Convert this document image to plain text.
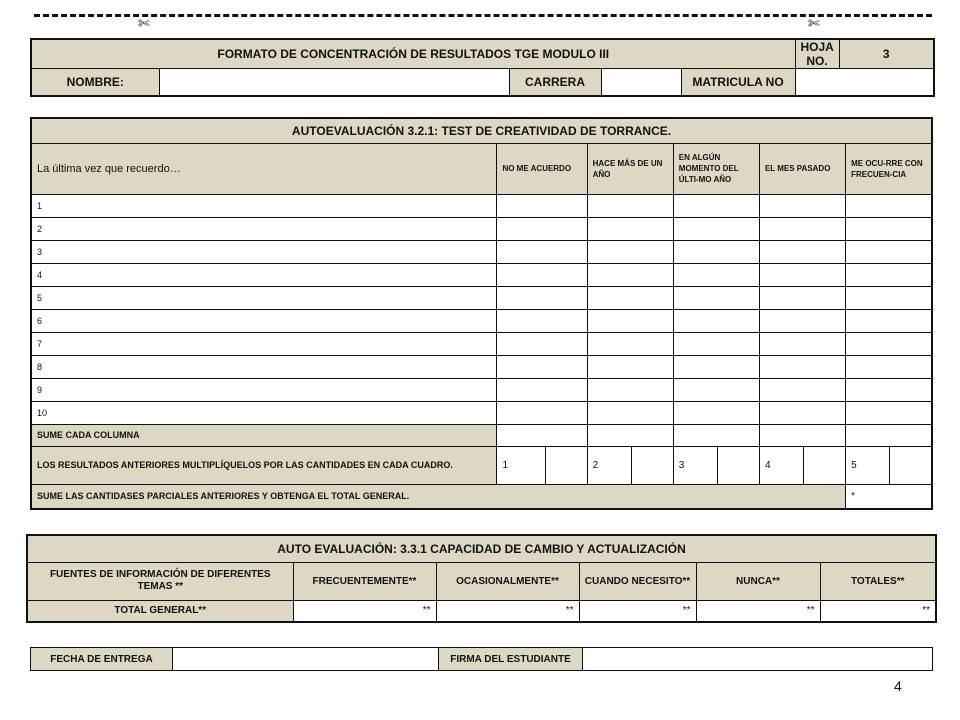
✄	✄
FORMATO DE CONCENTRACIÓN DE RESULTADOS TGE MODULO III					HOJA NO.	3
NOMBRE:		CARRERA		MATRICULA NO		
AUTOEVALUACIÓN 3.2.1: TEST DE CREATIVIDAD DE TORRANCE.										
La última vez que recuerdo…	NO ME ACUERDO		HACE MÁS DE UN AÑO		EN ALGÚN MOMENTO DEL ÚLTI-MO AÑO		EL MES PASADO		ME OCU-RRE CON FRECUEN-CIA	
1										
2										
3										
4										
5										
6										
7										
8										
9										
10										
SUME CADA COLUMNA										
LOS RESULTADOS ANTERIORES MULTIPLÍQUELOS POR LAS CANTIDADES EN CADA CUADRO.	1		2		3		4		5	
SUME LAS CANTIDASES PARCIALES ANTERIORES Y OBTENGA EL TOTAL GENERAL.									*	
AUTO EVALUACIÓN: 3.3.1 CAPACIDAD DE CAMBIO Y ACTUALIZACIÓN					
FUENTES DE INFORMACIÓN DE DIFERENTES TEMAS **	FRECUENTEMENTE**	OCASIONALMENTE**	CUANDO NECESITO**	NUNCA**	TOTALES**
TOTAL GENERAL**	**	**	**	**	**
FECHA DE ENTREGA		FIRMA DEL ESTUDIANTE	
4
